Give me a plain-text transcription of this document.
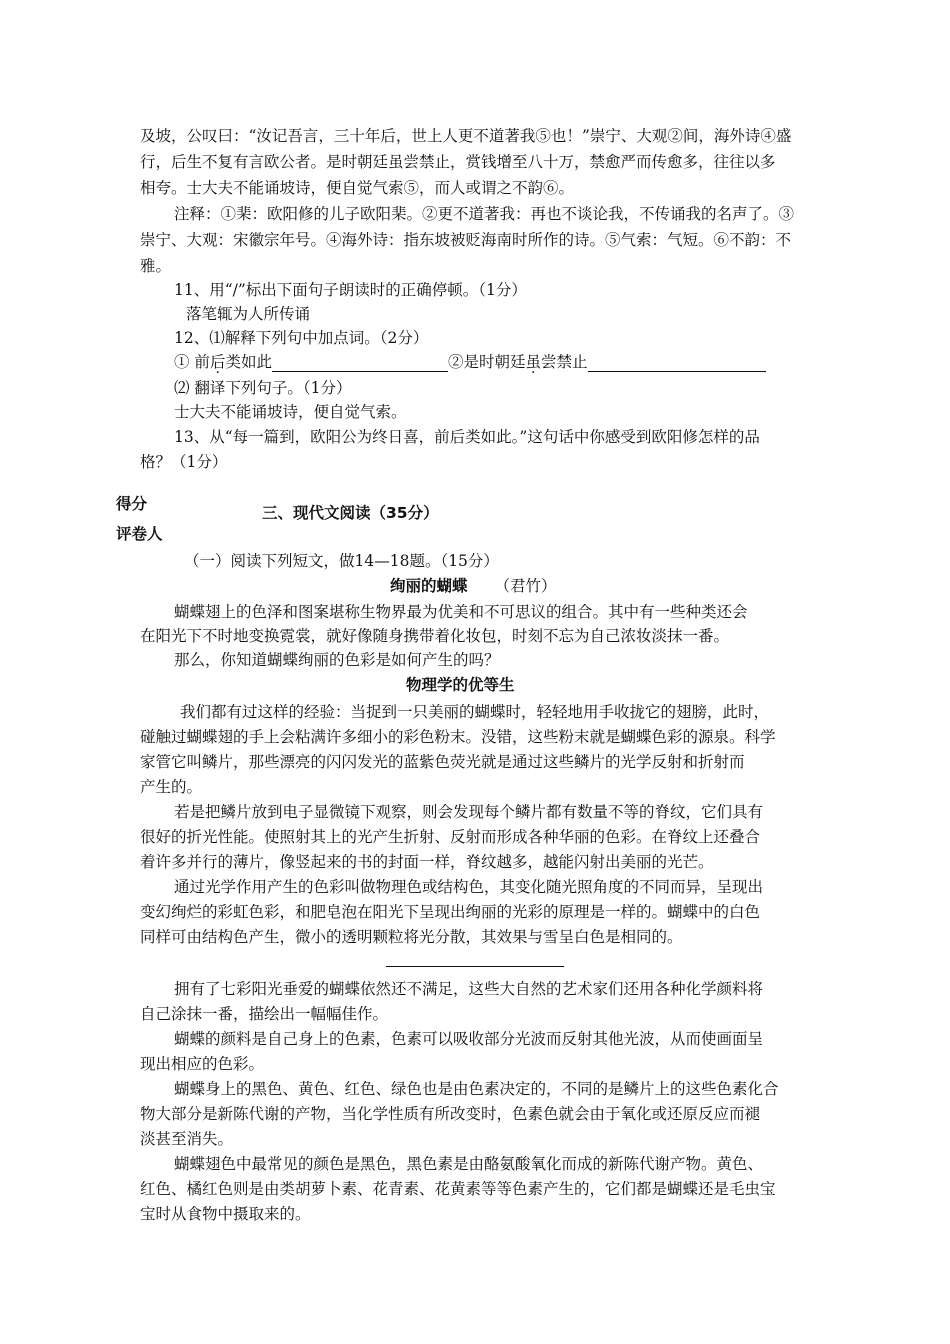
及坡，公叹曰：“汝记吾言，三十年后，世上人更不道著我⑤也！”崇宁、大观②间，海外诗④盛
行，后生不复有言欧公者。是时朝廷虽尝禁止，赏钱增至八十万，禁愈严而传愈多，往往以多
相夸。士大夫不能诵坡诗，便自觉气索⑤，而人或谓之不韵⑥。
注释：①棐：欧阳修的儿子欧阳棐。②更不道著我：再也不谈论我，不传诵我的名声了。③
崇宁、大观：宋徽宗年号。④海外诗：指东坡被贬海南时所作的诗。⑤气索：气短。⑥不韵：不
雅。
11、用“/”标出下面句子朗读时的正确停顿。（1分）
落笔辄为人所传诵
12、⑴解释下列句中加点词。（2分）
① 前后类如此	②是时朝廷虽尝禁止
⑵ 翻译下列句子。（1分）
士大夫不能诵坡诗，便自觉气索。
13、从“每一篇到，欧阳公为终日喜，前后类如此。”这句话中你感受到欧阳修怎样的品
格？（1分）
得分	三、现代文阅读（35分）
评卷人
（一）阅读下列短文，做14—18题。（15分）
绚丽的蝴蝶 （君竹）
蝴蝶翅上的色泽和图案堪称生物界最为优美和不可思议的组合。其中有一些种类还会
在阳光下不时地变换霓裳，就好像随身携带着化妆包，时刻不忘为自己浓妆淡抹一番。
那么，你知道蝴蝶绚丽的色彩是如何产生的吗？
物理学的优等生
我们都有过这样的经验：当捉到一只美丽的蝴蝶时，轻轻地用手收拢它的翅膀，此时，
碰触过蝴蝶翅的手上会粘满许多细小的彩色粉末。没错，这些粉末就是蝴蝶色彩的源泉。科学
家管它叫鳞片，那些漂亮的闪闪发光的蓝紫色荧光就是通过这些鳞片的光学反射和折射而
产生的。
若是把鳞片放到电子显微镜下观察，则会发现每个鳞片都有数量不等的脊纹，它们具有
很好的折光性能。使照射其上的光产生折射、反射而形成各种华丽的色彩。在脊纹上还叠合
着许多并行的薄片，像竖起来的书的封面一样，脊纹越多，越能闪射出美丽的光芒。
通过光学作用产生的色彩叫做物理色或结构色，其变化随光照角度的不同而异，呈现出
变幻绚烂的彩虹色彩，和肥皂泡在阳光下呈现出绚丽的光彩的原理是一样的。蝴蝶中的白色
同样可由结构色产生，微小的透明颗粒将光分散，其效果与雪呈白色是相同的。
拥有了七彩阳光垂爱的蝴蝶依然还不满足，这些大自然的艺术家们还用各种化学颜料将
自己涂抹一番，描绘出一幅幅佳作。
蝴蝶的颜料是自己身上的色素，色素可以吸收部分光波而反射其他光波，从而使画面呈
现出相应的色彩。
蝴蝶身上的黑色、黄色、红色、绿色也是由色素决定的，不同的是鳞片上的这些色素化合
物大部分是新陈代谢的产物，当化学性质有所改变时，色素色就会由于氧化或还原反应而褪
淡甚至消失。
蝴蝶翅色中最常见的颜色是黑色，黑色素是由酪氨酸氧化而成的新陈代谢产物。黄色、
红色、橘红色则是由类胡萝卜素、花青素、花黄素等等色素产生的，它们都是蝴蝶还是毛虫宝
宝时从食物中摄取来的。
